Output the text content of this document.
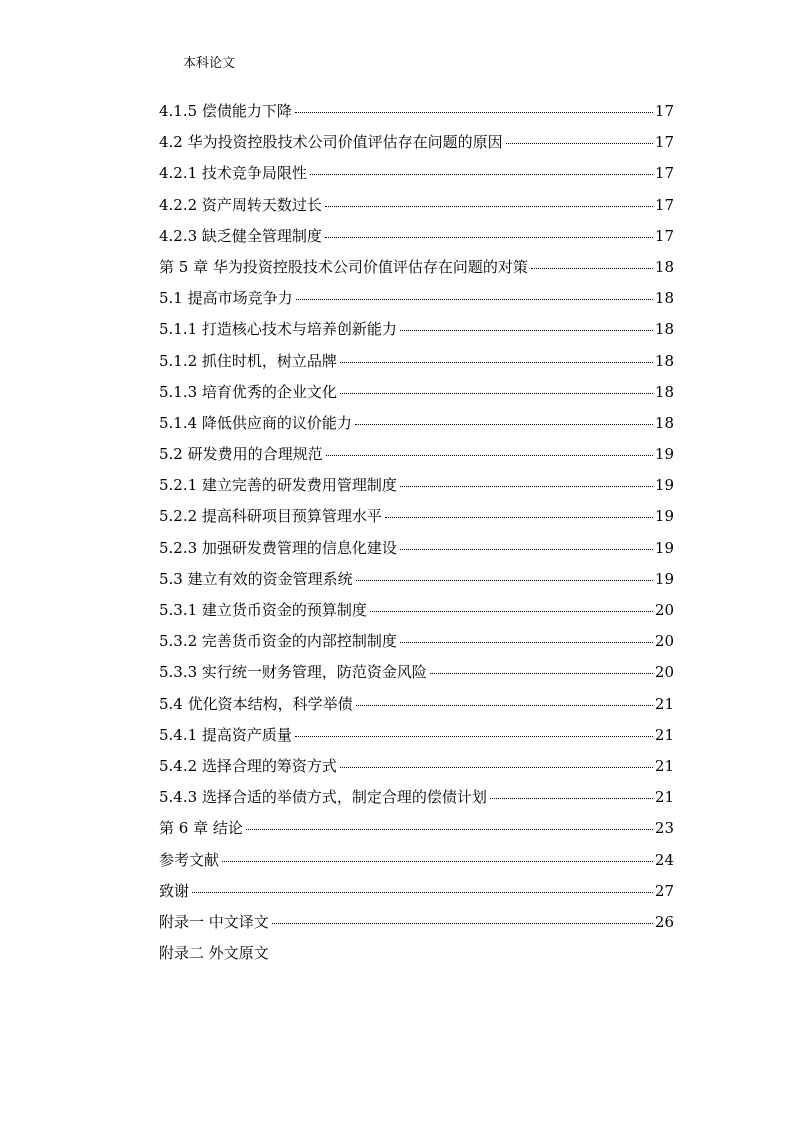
本科论文
4.1.5 偿债能力下降	17
4.2 华为投资控股技术公司价值评估存在问题的原因	17
4.2.1 技术竞争局限性	17
4.2.2 资产周转天数过长	17
4.2.3 缺乏健全管理制度	17
第 5 章 华为投资控股技术公司价值评估存在问题的对策	18
5.1 提高市场竞争力	18
5.1.1 打造核心技术与培养创新能力	18
5.1.2 抓住时机，树立品牌	18
5.1.3 培育优秀的企业文化	18
5.1.4 降低供应商的议价能力	18
5.2 研发费用的合理规范	19
5.2.1 建立完善的研发费用管理制度	19
5.2.2 提高科研项目预算管理水平	19
5.2.3 加强研发费管理的信息化建设	19
5.3 建立有效的资金管理系统	19
5.3.1 建立货币资金的预算制度	20
5.3.2 完善货币资金的内部控制制度	20
5.3.3 实行统一财务管理，防范资金风险	20
5.4 优化资本结构，科学举债	21
5.4.1 提高资产质量	21
5.4.2 选择合理的筹资方式	21
5.4.3 选择合适的举债方式，制定合理的偿债计划	21
第 6 章 结论	23
参考文献	24
致谢	27
附录一 中文译文	26
附录二 外文原文
